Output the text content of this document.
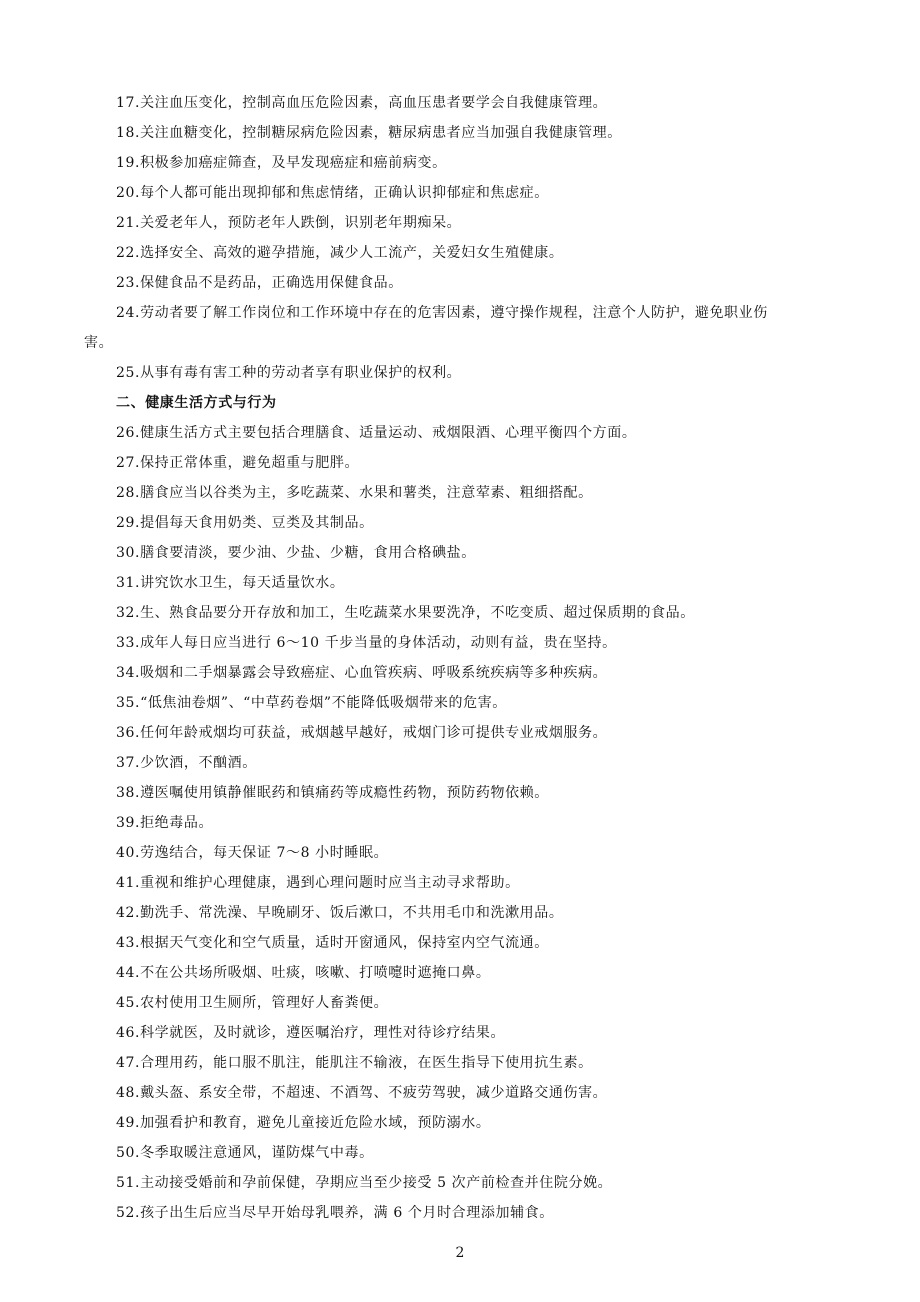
17.关注血压变化，控制高血压危险因素，高血压患者要学会自我健康管理。
18.关注血糖变化，控制糖尿病危险因素，糖尿病患者应当加强自我健康管理。
19.积极参加癌症筛查，及早发现癌症和癌前病变。
20.每个人都可能出现抑郁和焦虑情绪，正确认识抑郁症和焦虑症。
21.关爱老年人，预防老年人跌倒，识别老年期痴呆。
22.选择安全、高效的避孕措施，减少人工流产，关爱妇女生殖健康。
23.保健食品不是药品，正确选用保健食品。
24.劳动者要了解工作岗位和工作环境中存在的危害因素，遵守操作规程，注意个人防护，避免职业伤
害。
25.从事有毒有害工种的劳动者享有职业保护的权利。
二、健康生活方式与行为
26.健康生活方式主要包括合理膳食、适量运动、戒烟限酒、心理平衡四个方面。
27.保持正常体重，避免超重与肥胖。
28.膳食应当以谷类为主，多吃蔬菜、水果和薯类，注意荤素、粗细搭配。
29.提倡每天食用奶类、豆类及其制品。
30.膳食要清淡，要少油、少盐、少糖，食用合格碘盐。
31.讲究饮水卫生，每天适量饮水。
32.生、熟食品要分开存放和加工，生吃蔬菜水果要洗净，不吃变质、超过保质期的食品。
33.成年人每日应当进行 6～10 千步当量的身体活动，动则有益，贵在坚持。
34.吸烟和二手烟暴露会导致癌症、心血管疾病、呼吸系统疾病等多种疾病。
35.“低焦油卷烟”、“中草药卷烟”不能降低吸烟带来的危害。
36.任何年龄戒烟均可获益，戒烟越早越好，戒烟门诊可提供专业戒烟服务。
37.少饮酒，不酗酒。
38.遵医嘱使用镇静催眠药和镇痛药等成瘾性药物，预防药物依赖。
39.拒绝毒品。
40.劳逸结合，每天保证 7～8 小时睡眠。
41.重视和维护心理健康，遇到心理问题时应当主动寻求帮助。
42.勤洗手、常洗澡、早晚刷牙、饭后漱口，不共用毛巾和洗漱用品。
43.根据天气变化和空气质量，适时开窗通风，保持室内空气流通。
44.不在公共场所吸烟、吐痰，咳嗽、打喷嚏时遮掩口鼻。
45.农村使用卫生厕所，管理好人畜粪便。
46.科学就医，及时就诊，遵医嘱治疗，理性对待诊疗结果。
47.合理用药，能口服不肌注，能肌注不输液，在医生指导下使用抗生素。
48.戴头盔、系安全带，不超速、不酒驾、不疲劳驾驶，减少道路交通伤害。
49.加强看护和教育，避免儿童接近危险水域，预防溺水。
50.冬季取暖注意通风，谨防煤气中毒。
51.主动接受婚前和孕前保健，孕期应当至少接受 5 次产前检查并住院分娩。
52.孩子出生后应当尽早开始母乳喂养，满 6 个月时合理添加辅食。
2
